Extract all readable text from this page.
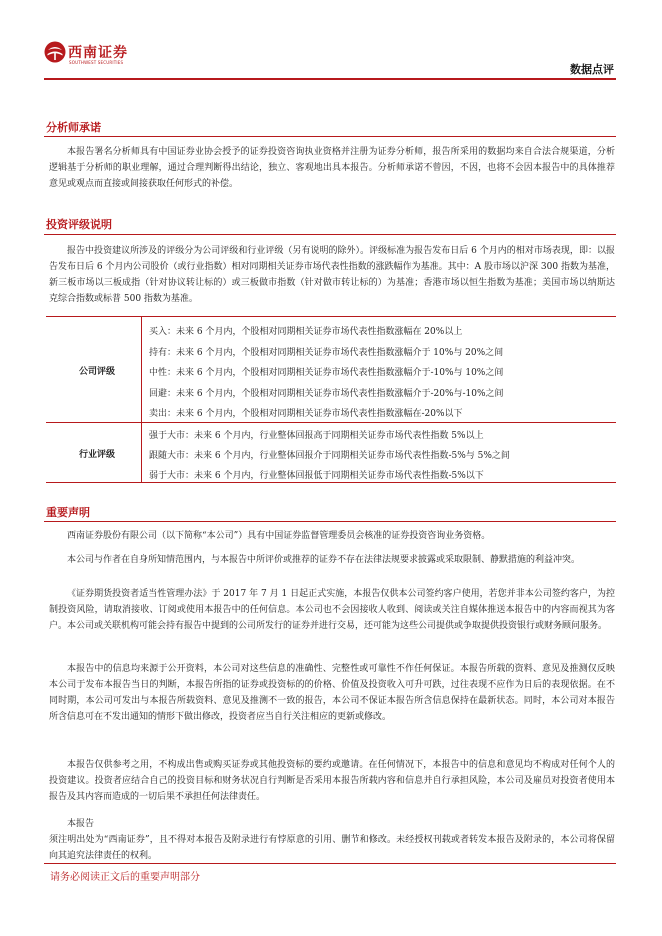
西南证券
SOUTHWEST SECURITIES
数据点评
分析师承诺

本报告署名分析师具有中国证券业协会授予的证券投资咨询执业资格并注册为证券分析师，报告所采用的数据均来自合法合规渠道，分析逻辑基于分析师的职业理解，通过合理判断得出结论，独立、客观地出具本报告。分析师承诺不曾因，不因，也将不会因本报告中的具体推荐意见或观点而直接或间接获取任何形式的补偿。

投资评级说明

报告中投资建议所涉及的评级分为公司评级和行业评级（另有说明的除外）。评级标准为报告发布日后 6 个月内的相对市场表现，即：以报告发布日后 6 个月内公司股价（或行业指数）相对同期相关证券市场代表性指数的涨跌幅作为基准。其中：A 股市场以沪深 300 指数为基准，新三板市场以三板成指（针对协议转让标的）或三板做市指数（针对做市转让标的）为基准；香港市场以恒生指数为基准；美国市场以纳斯达克综合指数或标普 500 指数为基准。

公司评级
买入：未来 6 个月内，个股相对同期相关证券市场代表性指数涨幅在 20%以上
持有：未来 6 个月内，个股相对同期相关证券市场代表性指数涨幅介于 10%与 20%之间
中性：未来 6 个月内，个股相对同期相关证券市场代表性指数涨幅介于-10%与 10%之间
回避：未来 6 个月内，个股相对同期相关证券市场代表性指数涨幅介于-20%与-10%之间
卖出：未来 6 个月内，个股相对同期相关证券市场代表性指数涨幅在-20%以下
行业评级
强于大市：未来 6 个月内，行业整体回报高于同期相关证券市场代表性指数 5%以上
跟随大市：未来 6 个月内，行业整体回报介于同期相关证券市场代表性指数-5%与 5%之间
弱于大市：未来 6 个月内，行业整体回报低于同期相关证券市场代表性指数-5%以下
重要声明

西南证券股份有限公司（以下简称“本公司”）具有中国证券监督管理委员会核准的证券投资咨询业务资格。

本公司与作者在自身所知情范围内，与本报告中所评价或推荐的证券不存在法律法规要求披露或采取限制、静默措施的利益冲突。

《证券期货投资者适当性管理办法》于 2017 年 7 月 1 日起正式实施，本报告仅供本公司签约客户使用，若您并非本公司签约客户，为控制投资风险，请取消接收、订阅或使用本报告中的任何信息。本公司也不会因接收人收到、阅读或关注自媒体推送本报告中的内容而视其为客户。本公司或关联机构可能会持有报告中提到的公司所发行的证券并进行交易，还可能为这些公司提供或争取提供投资银行或财务顾问服务。

本报告中的信息均来源于公开资料，本公司对这些信息的准确性、完整性或可靠性不作任何保证。本报告所载的资料、意见及推测仅反映本公司于发布本报告当日的判断，本报告所指的证券或投资标的的价格、价值及投资收入可升可跌，过往表现不应作为日后的表现依据。在不同时期，本公司可发出与本报告所载资料、意见及推测不一致的报告，本公司不保证本报告所含信息保持在最新状态。同时，本公司对本报告所含信息可在不发出通知的情形下做出修改，投资者应当自行关注相应的更新或修改。

本报告仅供参考之用，不构成出售或购买证券或其他投资标的要约或邀请。在任何情况下，本报告中的信息和意见均不构成对任何个人的投资建议。投资者应结合自己的投资目标和财务状况自行判断是否采用本报告所载内容和信息并自行承担风险，本公司及雇员对投资者使用本报告及其内容而造成的一切后果不承担任何法律责任。

本报告

须注明出处为“西南证券”，且不得对本报告及附录进行有悖原意的引用、删节和修改。未经授权刊载或者转发本报告及附录的，本公司将保留向其追究法律责任的权利。

请务必阅读正文后的重要声明部分
